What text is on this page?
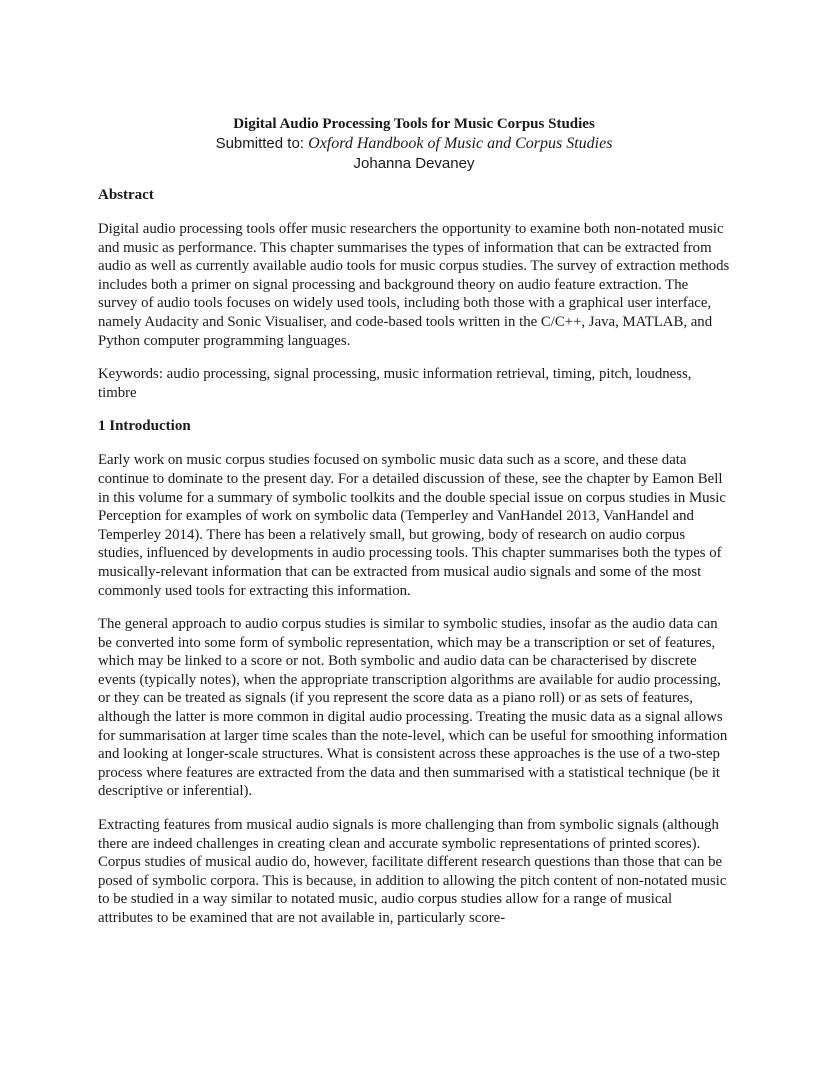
Digital Audio Processing Tools for Music Corpus Studies
Submitted to: Oxford Handbook of Music and Corpus Studies
Johanna Devaney
Abstract

Digital audio processing tools offer music researchers the opportunity to examine both non-notated music and music as performance. This chapter summarises the types of information that can be extracted from audio as well as currently available audio tools for music corpus studies. The survey of extraction methods includes both a primer on signal processing and background theory on audio feature extraction. The survey of audio tools focuses on widely used tools, including both those with a graphical user interface, namely Audacity and Sonic Visualiser, and code-based tools written in the C/C++, Java, MATLAB, and Python computer programming languages.

Keywords: audio processing, signal processing, music information retrieval, timing, pitch, loudness, timbre

1 Introduction

Early work on music corpus studies focused on symbolic music data such as a score, and these data continue to dominate to the present day. For a detailed discussion of these, see the chapter by Eamon Bell in this volume for a summary of symbolic toolkits and the double special issue on corpus studies in Music Perception for examples of work on symbolic data (Temperley and VanHandel 2013, VanHandel and Temperley 2014). There has been a relatively small, but growing, body of research on audio corpus studies, influenced by developments in audio processing tools. This chapter summarises both the types of musically-relevant information that can be extracted from musical audio signals and some of the most commonly used tools for extracting this information.

The general approach to audio corpus studies is similar to symbolic studies, insofar as the audio data can be converted into some form of symbolic representation, which may be a transcription or set of features, which may be linked to a score or not. Both symbolic and audio data can be characterised by discrete events (typically notes), when the appropriate transcription algorithms are available for audio processing, or they can be treated as signals (if you represent the score data as a piano roll) or as sets of features, although the latter is more common in digital audio processing. Treating the music data as a signal allows for summarisation at larger time scales than the note-level, which can be useful for smoothing information and looking at longer-scale structures. What is consistent across these approaches is the use of a two-step process where features are extracted from the data and then summarised with a statistical technique (be it descriptive or inferential).

Extracting features from musical audio signals is more challenging than from symbolic signals (although there are indeed challenges in creating clean and accurate symbolic representations of printed scores). Corpus studies of musical audio do, however, facilitate different research questions than those that can be posed of symbolic corpora. This is because, in addition to allowing the pitch content of non-notated music to be studied in a way similar to notated music, audio corpus studies allow for a range of musical attributes to be examined that are not available in, particularly score-
